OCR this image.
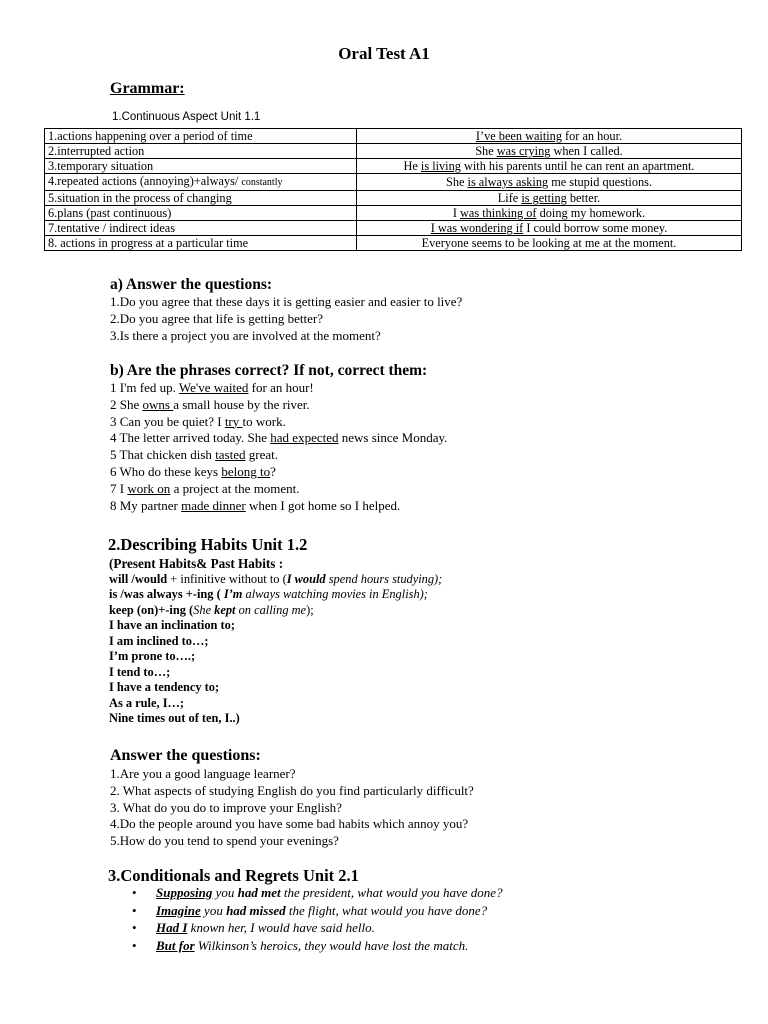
Oral Test A1
Grammar:
1.Continuous Aspect Unit 1.1
1.actions happening over a period of time	I’ve been waiting for an hour.
2.interrupted action	She was crying when I called.
3.temporary situation	He is living with his parents until he can rent an apartment.
4.repeated actions (annoying)+always/ constantly	She is always asking me stupid questions.
5.situation in the process of changing	Life is getting better.
6.plans (past continuous)	I was thinking of doing my homework.
7.tentative / indirect ideas	I was wondering if I could borrow some money.
8. actions in progress at a particular time	Everyone seems to be looking at me at the moment.
a) Answer the questions:
1.Do you agree that these days it is getting easier and easier to live?
2.Do you agree that life is getting better?
3.Is there a project you are involved at the moment?
b) Are the phrases correct? If not, correct them:
1 I'm fed up. We've waited for an hour!
2 She owns a small house by the river.
3 Can you be quiet? I try to work.
4 The letter arrived today. She had expected news since Monday.
5 That chicken dish tasted great.
6 Who do these keys belong to?
7 I work on a project at the moment.
8 My partner made dinner when I got home so I helped.
2.Describing Habits Unit 1.2
(Present Habits& Past Habits :
will /would + infinitive without to (I would spend hours studying);
is /was always +-ing ( I’m always watching movies in English);
keep (on)+-ing (She kept on calling me);
I have an inclination to;
I am inclined to…;
I’m prone to….;
I tend to…;
I have a tendency to;
As a rule, I…;
Nine times out of ten, I..)
Answer the questions:
1.Are you a good language learner?
2. What aspects of studying English do you find particularly difficult?
3. What do you do to improve your English?
4.Do the people around you have some bad habits which annoy you?
5.How do you tend to spend your evenings?
3.Conditionals and Regrets Unit 2.1
• Supposing you had met the president, what would you have done?
• Imagine you had missed the flight, what would you have done?
• Had I known her, I would have said hello.
• But for Wilkinson’s heroics, they would have lost the match.
